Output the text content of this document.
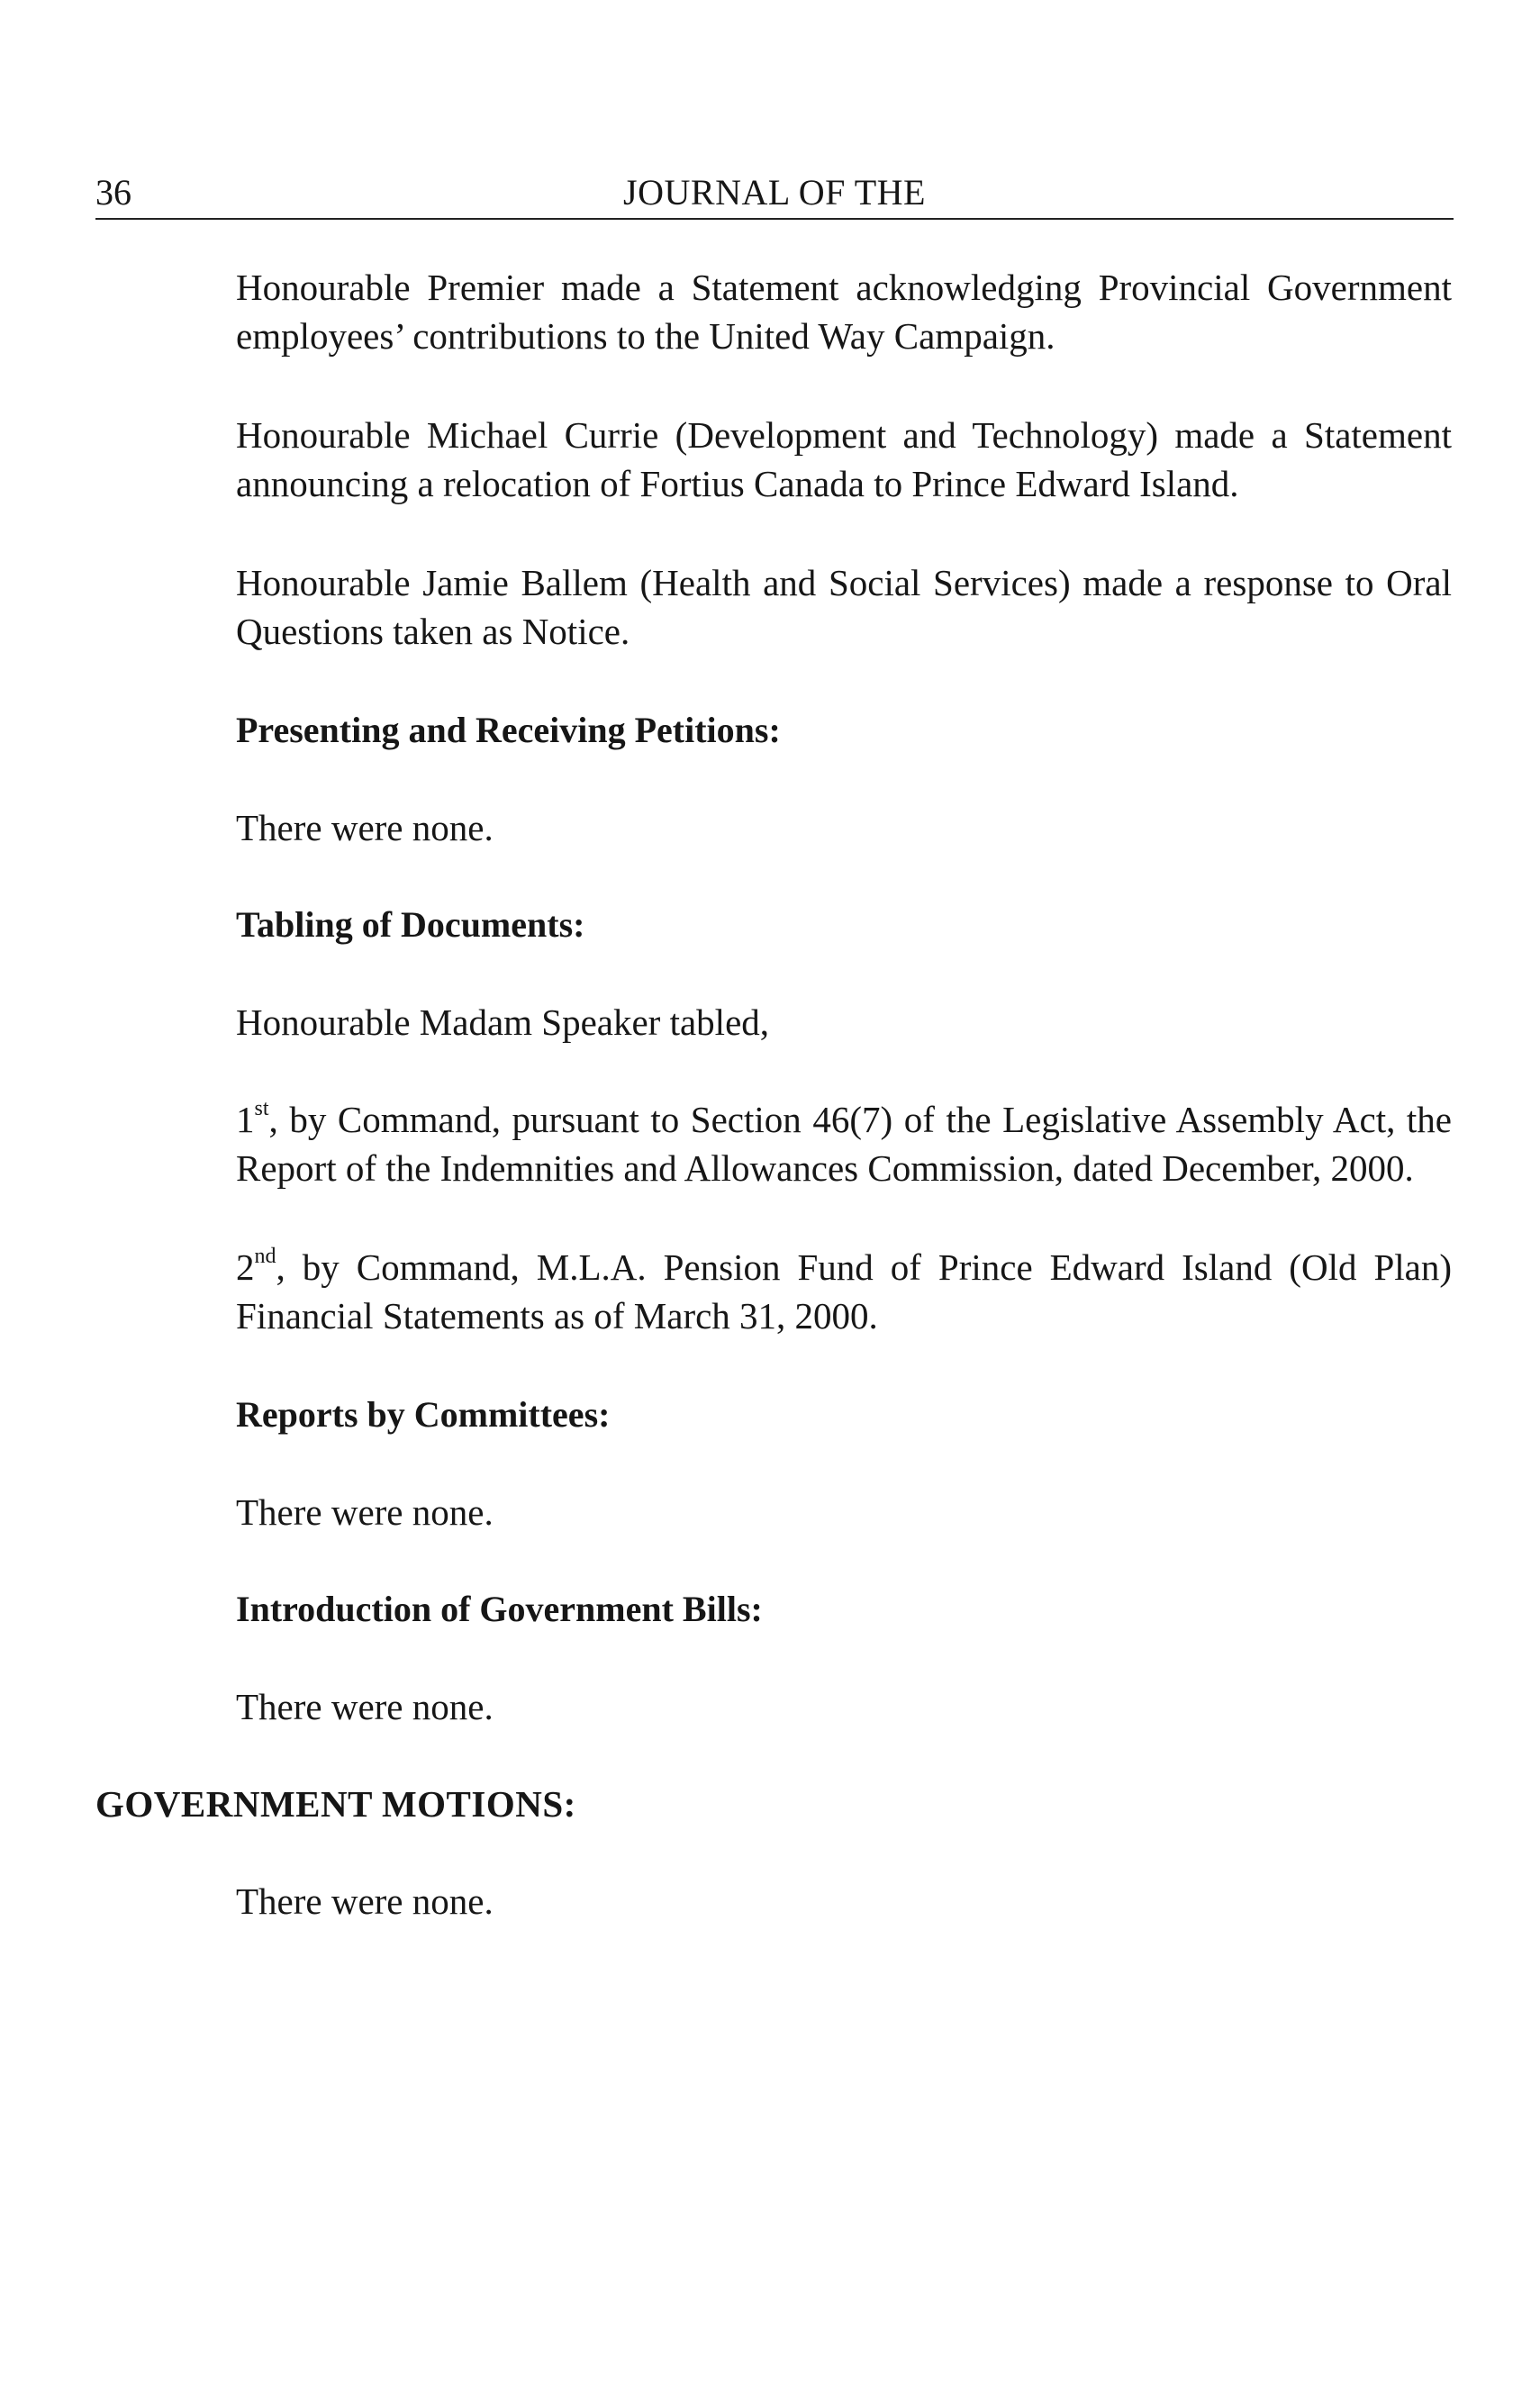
36	JOURNAL OF THE

Honourable Premier made a Statement acknowledging Provincial Government employees’ contributions to the United Way Campaign.

Honourable Michael Currie (Development and Technology) made a Statement announcing a relocation of Fortius Canada to Prince Edward Island.

Honourable Jamie Ballem (Health and Social Services) made a response to Oral Questions taken as Notice.

Presenting and Receiving Petitions:

There were none.

Tabling of Documents:

Honourable Madam Speaker tabled,

1st, by Command, pursuant to Section 46(7) of the Legislative Assembly Act, the Report of the Indemnities and Allowances Commission, dated December, 2000.

2nd, by Command, M.L.A. Pension Fund of Prince Edward Island (Old Plan) Financial Statements as of March 31, 2000.

Reports by Committees:

There were none.

Introduction of Government Bills:

There were none.

GOVERNMENT MOTIONS:

There were none.
